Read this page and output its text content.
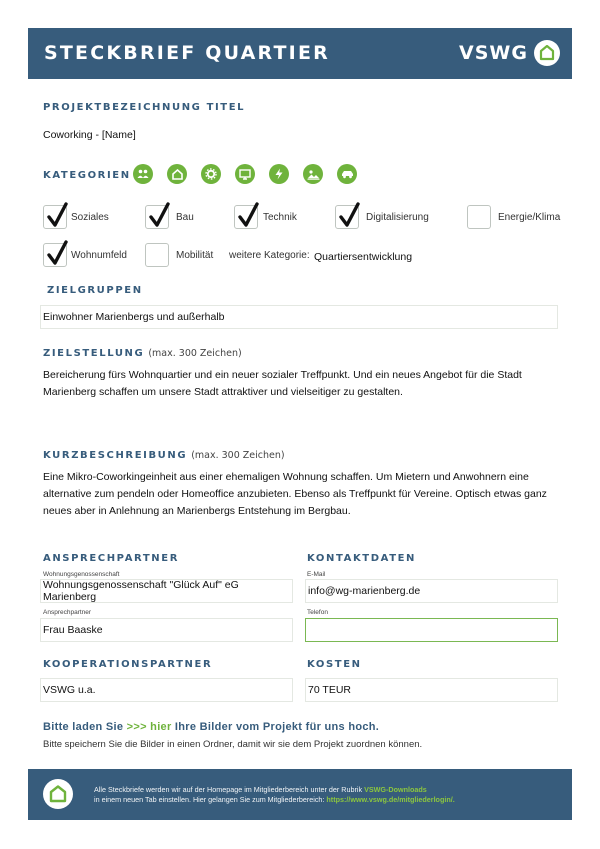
STECKBRIEF QUARTIER	VSWG
PROJEKTBEZEICHNUNG TITEL
Coworking - [Name]
KATEGORIEN
Soziales	Bau	Technik	Digitalisierung	Energie/Klima
Wohnumfeld	Mobilität weitere Kategorie: Quartiersentwicklung
ZIELGRUPPEN
Einwohner Marienbergs und außerhalb
ZIELSTELLUNG (max. 300 Zeichen)
Bereicherung fürs Wohnquartier und ein neuer sozialer Treffpunkt. Und ein neues Angebot für die Stadt Marienberg schaffen um unsere Stadt attraktiver und vielseitiger zu gestalten.
KURZBESCHREIBUNG (max. 300 Zeichen)
Eine Mikro-Coworkingeinheit aus einer ehemaligen Wohnung schaffen. Um Mietern und Anwohnern eine alternative zum pendeln oder Homeoffice anzubieten. Ebenso als Treffpunkt für Vereine. Optisch etwas ganz neues aber in Anlehnung an Marienbergs Entstehung im Bergbau.
ANSPRECHPARTNER
Wohnungsgenossenschaft
Wohnungsgenossenschaft "Glück Auf" eG Marienberg
Ansprechpartner
Frau Baaske
KONTAKTDATEN
E-Mail
info@wg-marienberg.de
Telefon
KOOPERATIONSPARTNER
VSWG u.a.
KOSTEN
70 TEUR
Bitte laden Sie >>> hier Ihre Bilder vom Projekt für uns hoch.
Bitte speichern Sie die Bilder in einen Ordner, damit wir sie dem Projekt zuordnen können.
Alle Steckbriefe werden wir auf der Homepage im Mitgliederbereich unter der Rubrik VSWG-Downloads
in einem neuen Tab einstellen. Hier gelangen Sie zum Mitgliederbereich: https://www.vswg.de/mitgliederlogin/.
